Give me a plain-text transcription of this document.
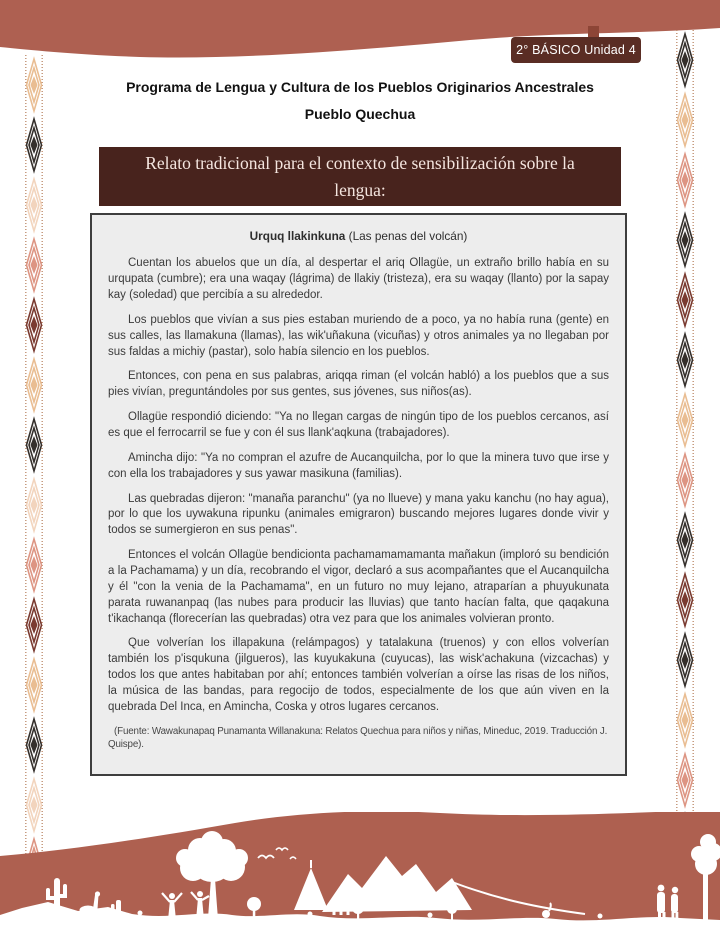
2° BÁSICO Unidad 4
Programa de Lengua y Cultura de los Pueblos Originarios Ancestrales
Pueblo Quechua
Relato tradicional para el contexto de sensibilización sobre la lengua:

Urquq llakinkuna (Las penas del volcán)

Cuentan los abuelos que un día, al despertar el ariq Ollagüe, un extraño brillo había en su urqupata (cumbre); era una waqay (lágrima) de llakiy (tristeza), era su waqay (llanto) por la sapay kay (soledad) que percibía a su alrededor.

Los pueblos que vivían a sus pies estaban muriendo de a poco, ya no había runa (gente) en sus calles, las llamakuna (llamas), las wik'uñakuna (vicuñas) y otros animales ya no llegaban por sus faldas a michiy (pastar), solo había silencio en los pueblos.

Entonces, con pena en sus palabras, ariqqa riman (el volcán habló) a los pueblos que a sus pies vivían, preguntándoles por sus gentes, sus jóvenes, sus niños(as).

Ollagüe respondió diciendo: "Ya no llegan cargas de ningún tipo de los pueblos cercanos, así es que el ferrocarril se fue y con él sus llank'aqkuna (trabajadores).

Amincha dijo: "Ya no compran el azufre de Aucanquilcha, por lo que la minera tuvo que irse y con ella los trabajadores y sus yawar masikuna (familias).

Las quebradas dijeron: "manaña paranchu" (ya no llueve) y mana yaku kanchu (no hay agua), por lo que los uywakuna ripunku (animales emigraron) buscando mejores lugares donde vivir y todos se sumergieron en sus penas".

Entonces el volcán Ollagüe bendicionta pachamamamamanta mañakun (imploró su bendición a la Pachamama) y un día, recobrando el vigor, declaró a sus acompañantes que el Aucanquilcha y él "con la venia de la Pachamama", en un futuro no muy lejano, atraparían a phuyukunata parata ruwananpaq (las nubes para producir las lluvias) que tanto hacían falta, que qaqakuna t'ikachanqa (florecerían las quebradas) otra vez para que los animales volvieran pronto.

Que volverían los illapakuna (relámpagos) y tatalakuna (truenos) y con ellos volverían también los p'isqukuna (jilgueros), las kuyukakuna (cuyucas), las wisk'achakuna (vizcachas) y todos los que antes habitaban por ahí; entonces también volverían a oírse las risas de los niños, la música de las bandas, para regocijo de todos, especialmente de los que aún viven en la quebrada Del Inca, en Amincha, Coska y otros lugares cercanos.

(Fuente: Wawakunapaq Punamanta Willanakuna: Relatos Quechua para niños y niñas, Mineduc, 2019. Traducción J. Quispe).
